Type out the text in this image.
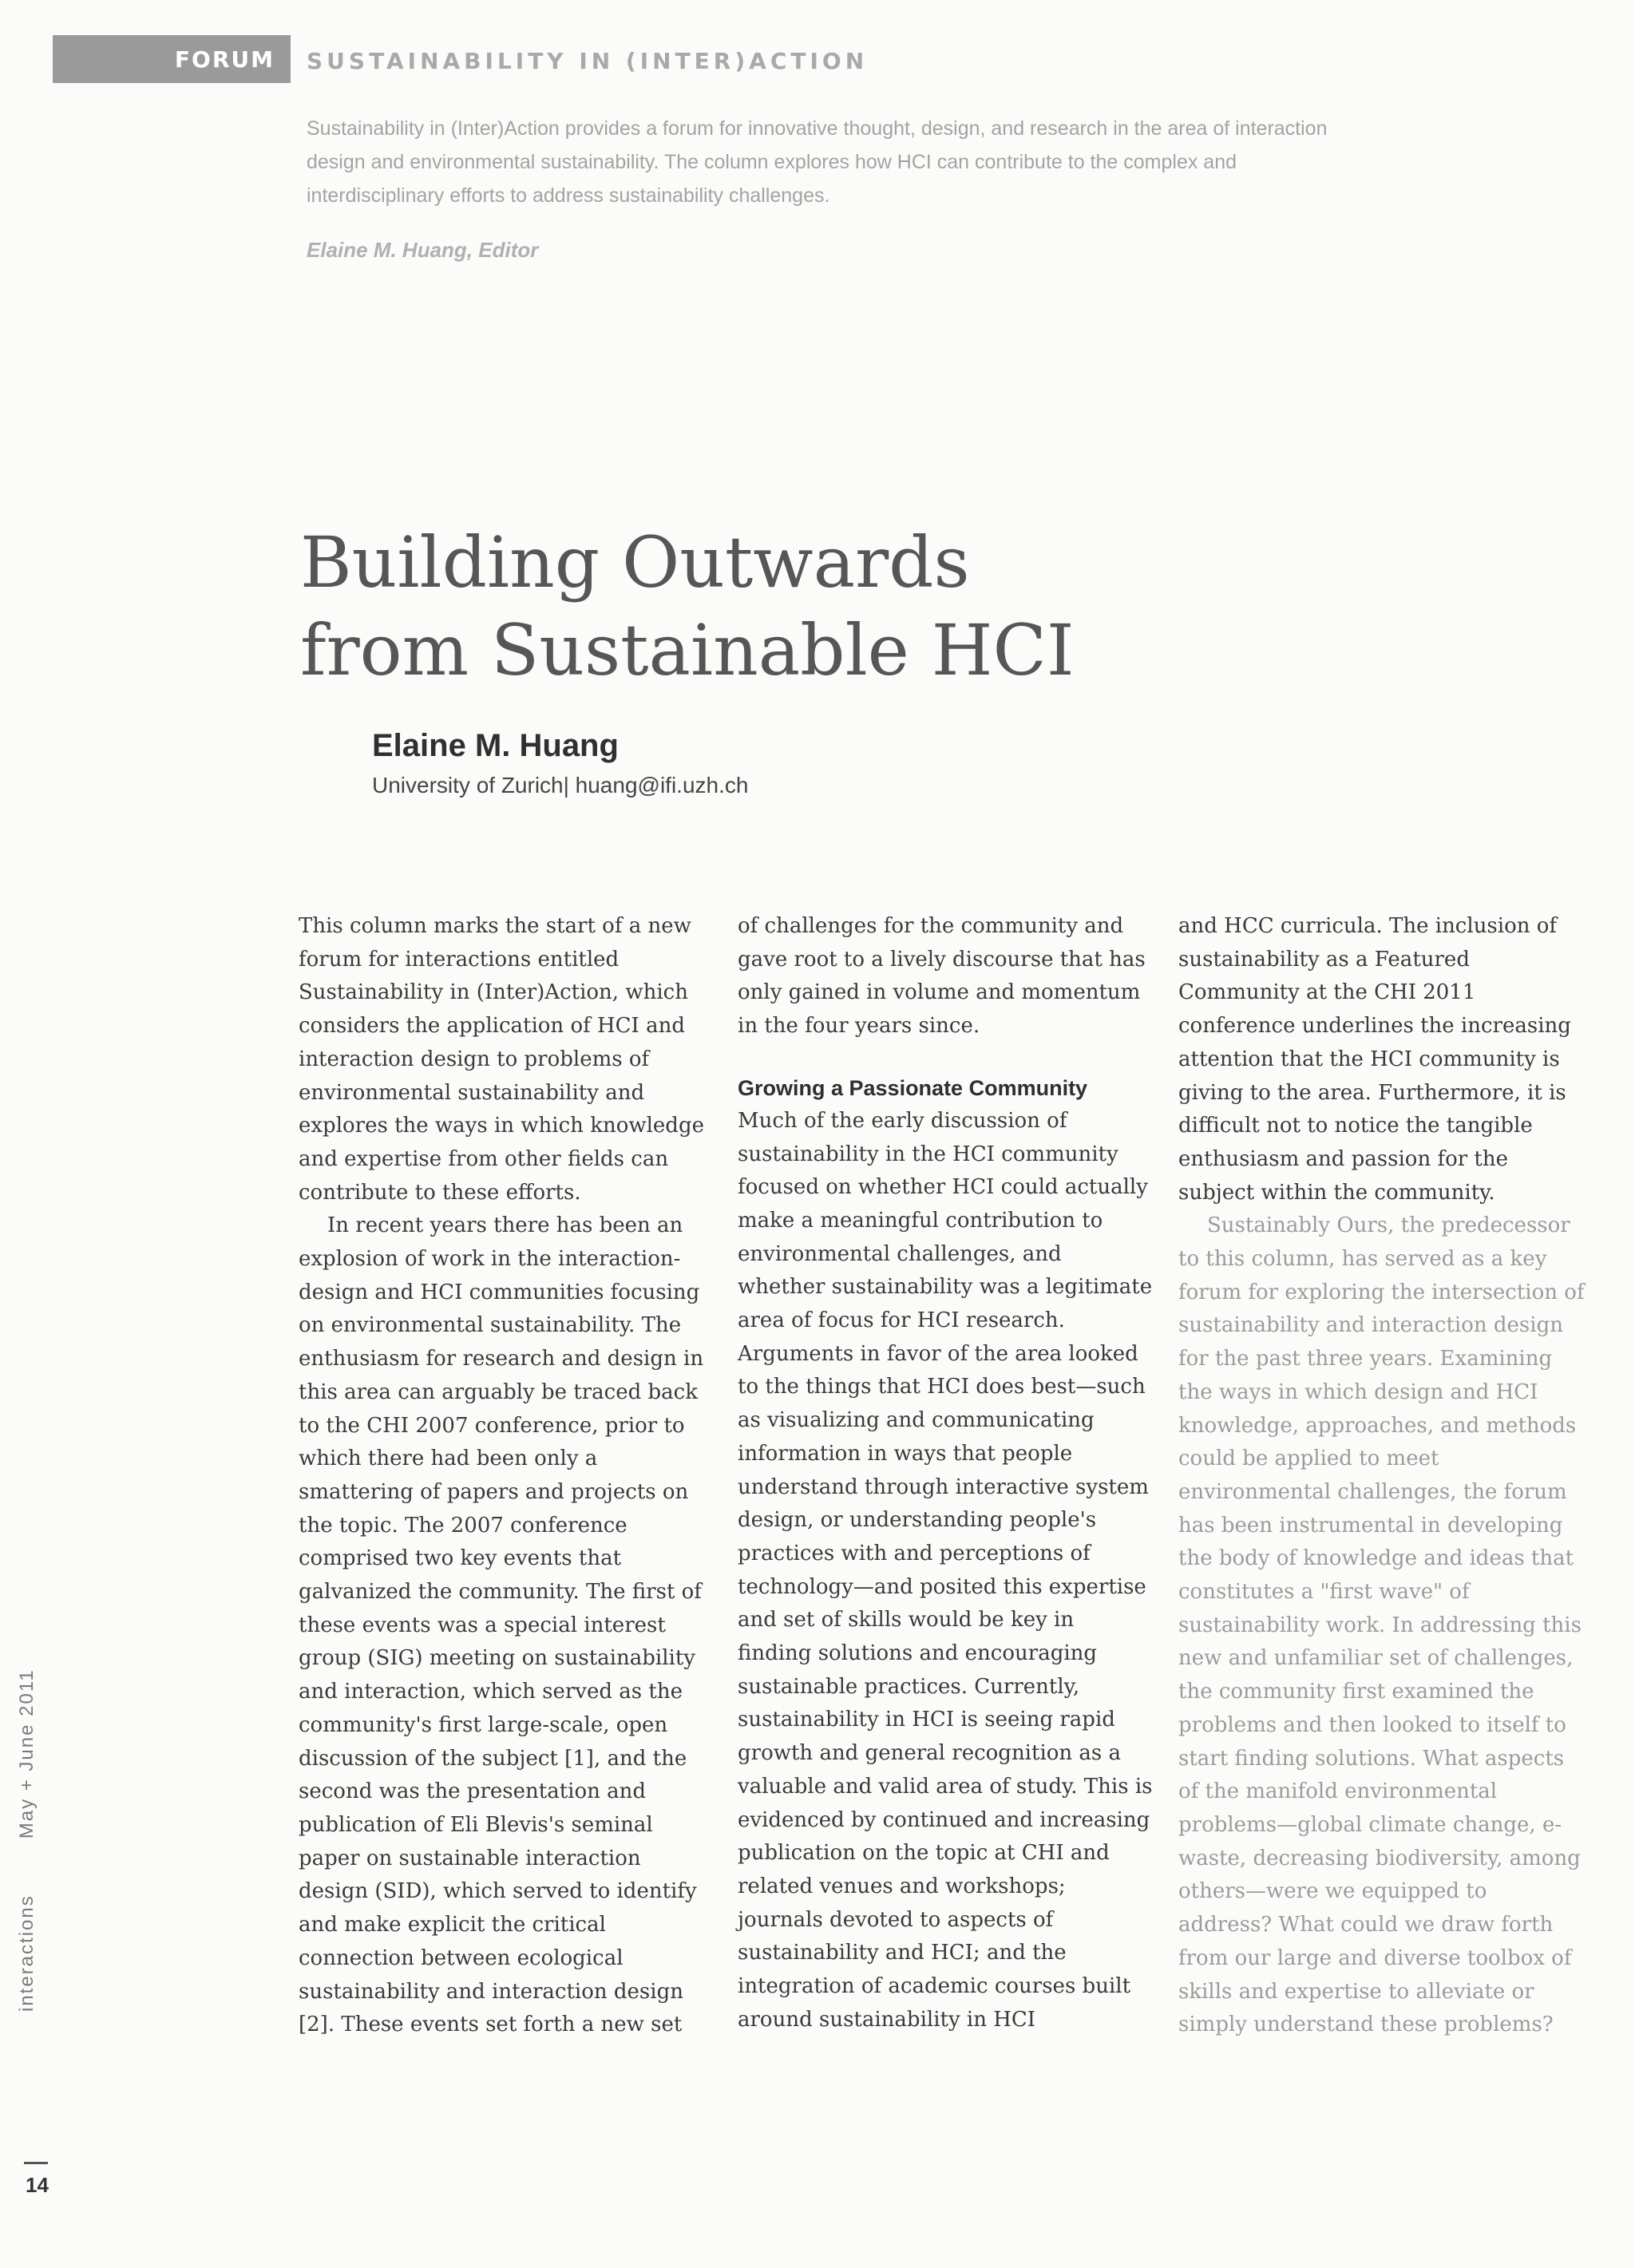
FORUM SUSTAINABILITY IN (INTER)ACTION

Sustainability in (Inter)Action provides a forum for innovative thought, design, and research in the area of interaction design and environmental sustainability. The column explores how HCI can contribute to the complex and interdisciplinary efforts to address sustainability challenges.

Elaine M. Huang, Editor

Building Outwards
from Sustainable HCI

Elaine M. Huang

University of Zurich| huang@ifi.uzh.ch

This column marks the start of a new forum for interactions entitled Sustainability in (Inter)Action, which considers the application of HCI and interaction design to problems of environmental sustainability and explores the ways in which knowledge and expertise from other fields can contribute to these efforts.

In recent years there has been an explosion of work in the interaction-design and HCI communities focusing on environmental sustainability. The enthusiasm for research and design in this area can arguably be traced back to the CHI 2007 conference, prior to which there had been only a smattering of papers and projects on the topic. The 2007 conference comprised two key events that galvanized the community. The first of these events was a special interest group (SIG) meeting on sustainability and interaction, which served as the community's first large-scale, open discussion of the subject [1], and the second was the presentation and publication of Eli Blevis's seminal paper on sustainable interaction design (SID), which served to identify and make explicit the critical connection between ecological sustainability and interaction design [2]. These events set forth a new set

of challenges for the community and gave root to a lively discourse that has only gained in volume and momentum in the four years since.

Growing a Passionate Community

Much of the early discussion of sustainability in the HCI community focused on whether HCI could actually make a meaningful contribution to environmental challenges, and whether sustainability was a legitimate area of focus for HCI research. Arguments in favor of the area looked to the things that HCI does best—such as visualizing and communicating information in ways that people understand through interactive system design, or understanding people's practices with and perceptions of technology—and posited this expertise and set of skills would be key in finding solutions and encouraging sustainable practices. Currently, sustainability in HCI is seeing rapid growth and general recognition as a valuable and valid area of study. This is evidenced by continued and increasing publication on the topic at CHI and related venues and workshops; journals devoted to aspects of sustainability and HCI; and the integration of academic courses built around sustainability in HCI

and HCC curricula. The inclusion of sustainability as a Featured Community at the CHI 2011 conference underlines the increasing attention that the HCI community is giving to the area. Furthermore, it is difficult not to notice the tangible enthusiasm and passion for the subject within the community.

Sustainably Ours, the predecessor to this column, has served as a key forum for exploring the intersection of sustainability and interaction design for the past three years. Examining the ways in which design and HCI knowledge, approaches, and methods could be applied to meet environmental challenges, the forum has been instrumental in developing the body of knowledge and ideas that constitutes a "first wave" of sustainability work. In addressing this new and unfamiliar set of challenges, the community first examined the problems and then looked to itself to start finding solutions. What aspects of the manifold environmental problems—global climate change, e-waste, decreasing biodiversity, among others—were we equipped to address? What could we draw forth from our large and diverse toolbox of skills and expertise to alleviate or simply understand these problems?

interactionsMay + June 2011
14
